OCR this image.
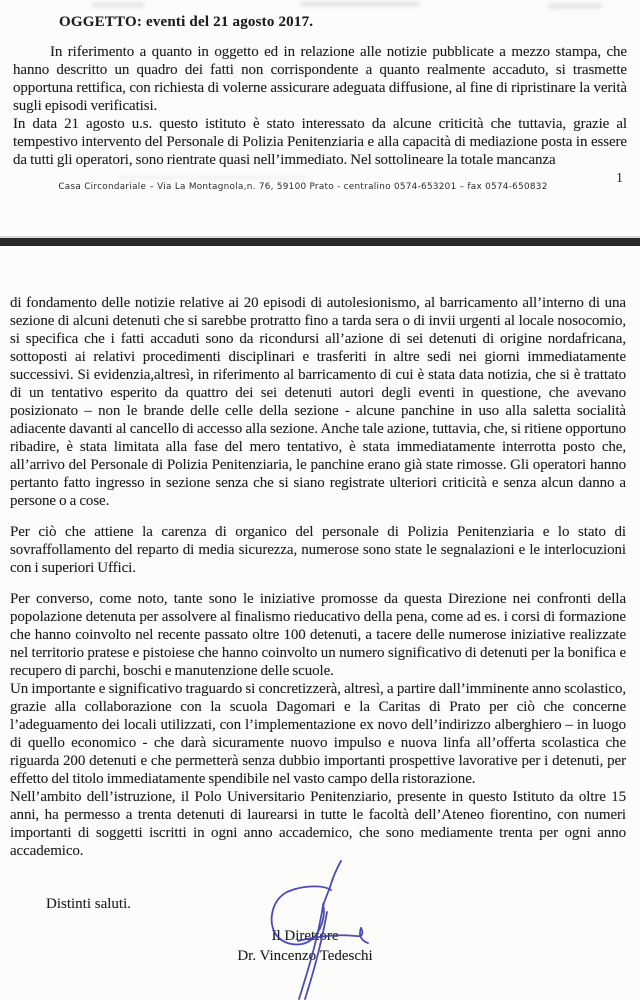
OGGETTO: eventi del 21 agosto 2017.

In riferimento a quanto in oggetto ed in relazione alle notizie pubblicate a mezzo stampa, che hanno descritto un quadro dei fatti non corrispondente a quanto realmente accaduto, si trasmette opportuna rettifica, con richiesta di volerne assicurare adeguata diffusione, al fine di ripristinare la verità sugli episodi verificatisi.

In data 21 agosto u.s. questo istituto è stato interessato da alcune criticità che tuttavia, grazie al tempestivo intervento del Personale di Polizia Penitenziaria e alla capacità di mediazione posta in essere da tutti gli operatori, sono rientrate quasi nell’immediato. Nel sottolineare la totale mancanza

Casa Circondariale – Via La Montagnola,n. 76, 59100 Prato - centralino 0574-653201 – fax 0574-650832
1

di fondamento delle notizie relative ai 20 episodi di autolesionismo, al barricamento all’interno di una sezione di alcuni detenuti che si sarebbe protratto fino a tarda sera o di invii urgenti al locale nosocomio, si specifica che i fatti accaduti sono da ricondursi all’azione di sei detenuti di origine nordafricana, sottoposti ai relativi procedimenti disciplinari e trasferiti in altre sedi nei giorni immediatamente successivi. Si evidenzia,altresì, in riferimento al barricamento di cui è stata data notizia, che si è trattato di un tentativo esperito da quattro dei sei detenuti autori degli eventi in questione, che avevano posizionato – non le brande delle celle della sezione - alcune panchine in uso alla saletta socialità adiacente davanti al cancello di accesso alla sezione. Anche tale azione, tuttavia, che, si ritiene opportuno ribadire, è stata limitata alla fase del mero tentativo, è stata immediatamente interrotta posto che, all’arrivo del Personale di Polizia Penitenziaria, le panchine erano già state rimosse. Gli operatori hanno pertanto fatto ingresso in sezione senza che si siano registrate ulteriori criticità e senza alcun danno a persone o a cose.

Per ciò che attiene la carenza di organico del personale di Polizia Penitenziaria e lo stato di sovraffollamento del reparto di media sicurezza, numerose sono state le segnalazioni e le interlocuzioni con i superiori Uffici.

Per converso, come noto, tante sono le iniziative promosse da questa Direzione nei confronti della popolazione detenuta per assolvere al finalismo rieducativo della pena, come ad es. i corsi di formazione che hanno coinvolto nel recente passato oltre 100 detenuti, a tacere delle numerose iniziative realizzate nel territorio pratese e pistoiese che hanno coinvolto un numero significativo di detenuti per la bonifica e recupero di parchi, boschi e manutenzione delle scuole.

Un importante e significativo traguardo si concretizzerà, altresì, a partire dall’imminente anno scolastico, grazie alla collaborazione con la scuola Dagomari e la Caritas di Prato per ciò che concerne l’adeguamento dei locali utilizzati, con l’implementazione ex novo dell’indirizzo alberghiero – in luogo di quello economico - che darà sicuramente nuovo impulso e nuova linfa all’offerta scolastica che riguarda 200 detenuti e che permetterà senza dubbio importanti prospettive lavorative per i detenuti, per effetto del titolo immediatamente spendibile nel vasto campo della ristorazione.

Nell’ambito dell’istruzione, il Polo Universitario Penitenziario, presente in questo Istituto da oltre 15 anni, ha permesso a trenta detenuti di laurearsi in tutte le facoltà dell’Ateneo fiorentino, con numeri importanti di soggetti iscritti in ogni anno accademico, che sono mediamente trenta per ogni anno accademico.

Distinti saluti.
Il Direttore
Dr. Vincenzo Tedeschi
